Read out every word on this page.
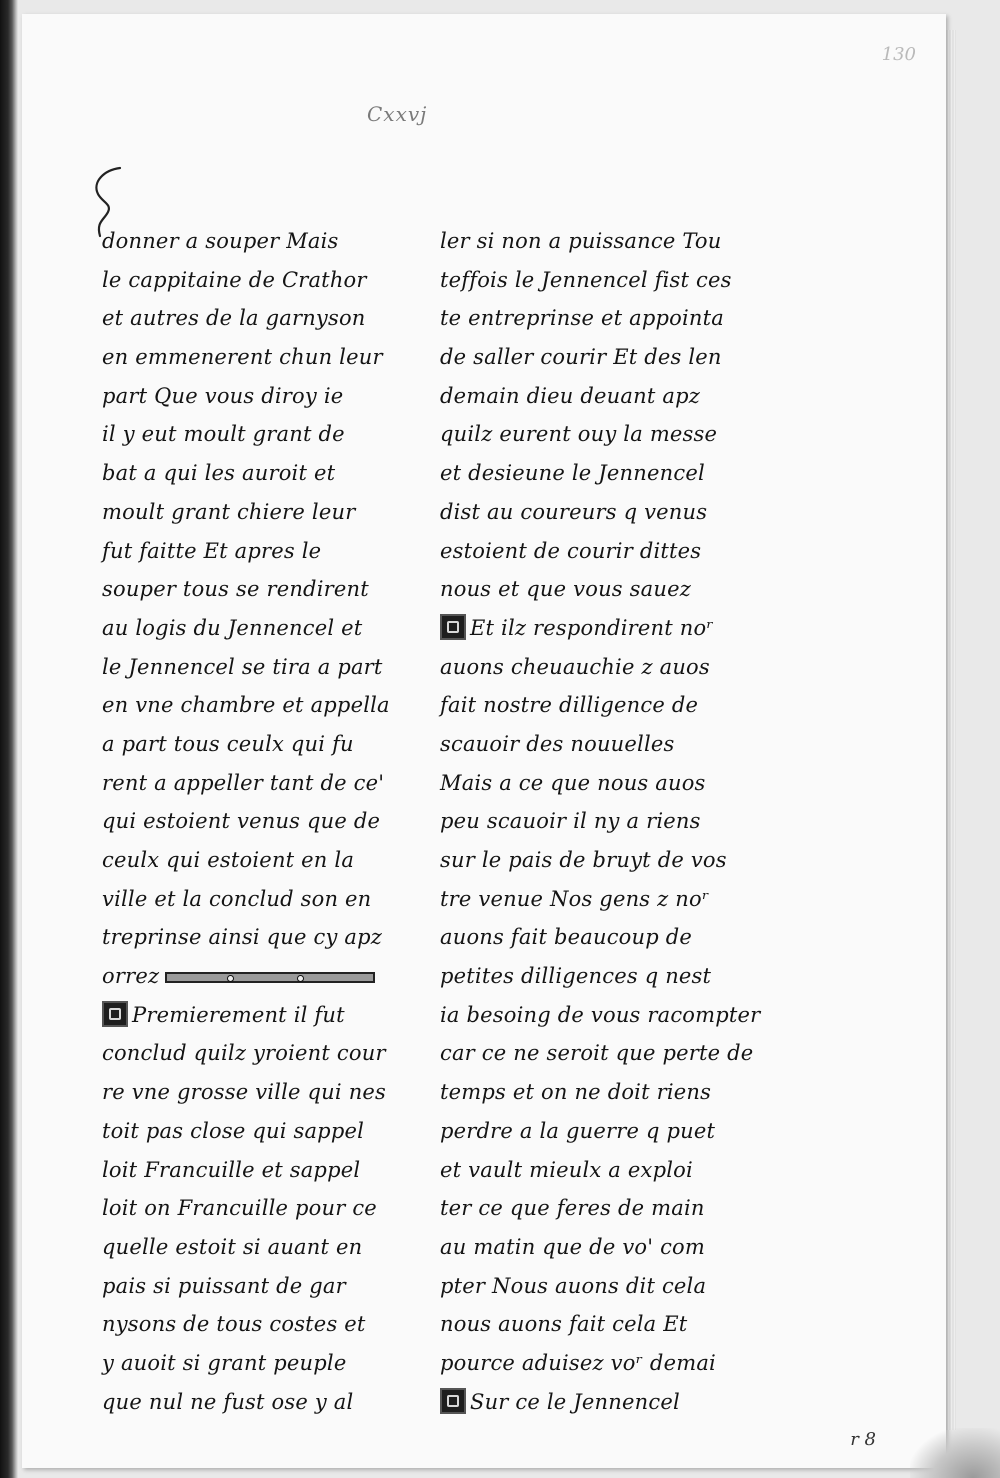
130
Cxxvj
donner a souper Mais
le cappitaine de Crathor
et autres de la garnyson
en emmenerent chun leur
part Que vous diroy ie
il y eut moult grant de
bat a qui les auroit et
moult grant chiere leur
fut faitte Et apres le
souper tous se rendirent
au logis du Jennencel et
le Jennencel se tira a part
en vne chambre et appella
a part tous ceulx qui fu
rent a appeller tant de ce'
qui estoient venus que de
ceulx qui estoient en la
ville et la conclud son en
treprinse ainsi que cy apz
orrez
Premierement il fut
conclud quilz yroient cour
re vne grosse ville qui nes
toit pas close qui sappel
loit Francuille et sappel
loit on Francuille pour ce
quelle estoit si auant en
pais si puissant de gar
nysons de tous costes et
y auoit si grant peuple
que nul ne fust ose y al
ler si non a puissance Tou
teffois le Jennencel fist ces
te entreprinse et appointa
de saller courir Et des len
demain dieu deuant apz
quilz eurent ouy la messe
et desieune le Jennencel
dist au coureurs q venus
estoient de courir dittes
nous et que vous sauez
Et ilz respondirent noʳ
auons cheuauchie z auos
fait nostre dilligence de
scauoir des nouuelles
Mais a ce que nous auos
peu scauoir il ny a riens
sur le pais de bruyt de vos
tre venue Nos gens z noʳ
auons fait beaucoup de
petites dilligences q nest
ia besoing de vous racompter
car ce ne seroit que perte de
temps et on ne doit riens
perdre a la guerre q puet
et vault mieulx a exploi
ter ce que feres de main
au matin que de vo' com
pter Nous auons dit cela
nous auons fait cela Et
pource aduisez voʳ demai
Sur ce le Jennencel
r 8
